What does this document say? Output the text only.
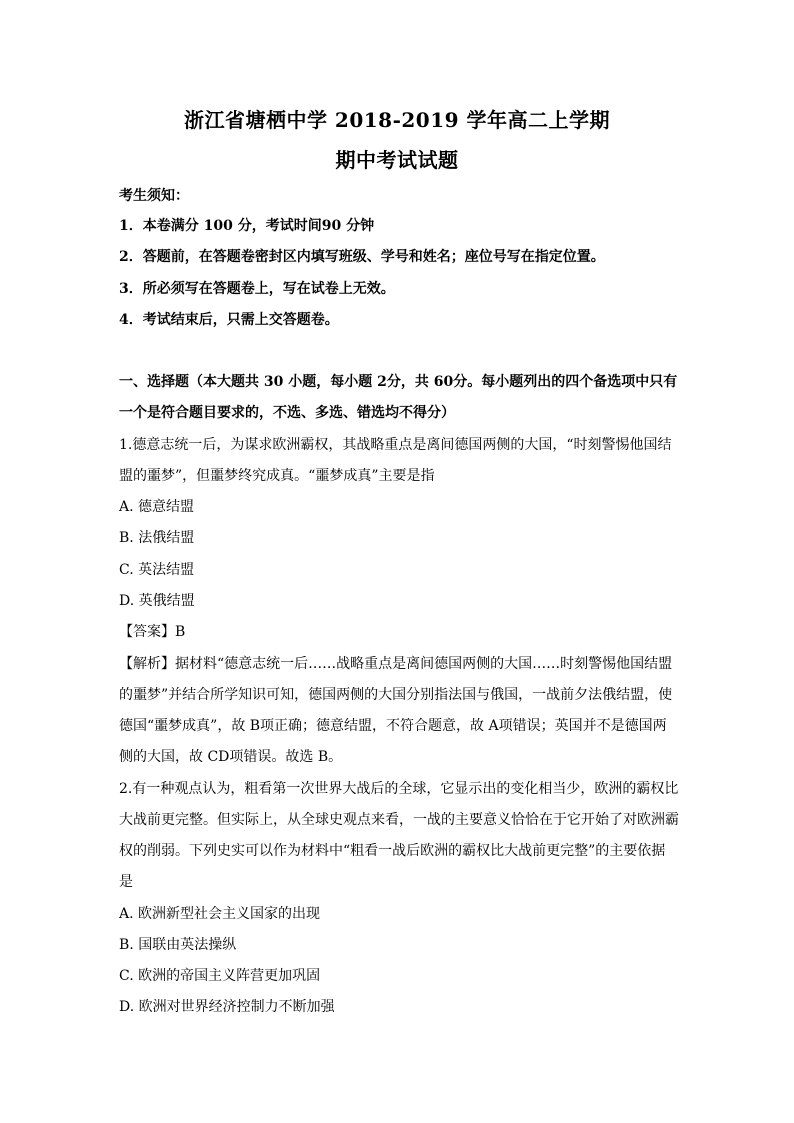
浙江省塘栖中学 2018-2019 学年高二上学期
期中考试试题
考生须知：
1．本卷满分 100 分，考试时间90 分钟
2．答题前，在答题卷密封区内填写班级、学号和姓名；座位号写在指定位置。
3．所必须写在答题卷上，写在试卷上无效。
4．考试结束后，只需上交答题卷。
一、选择题（本大题共 30 小题，每小题 2分，共 60分。每小题列出的四个备选项中只有
一个是符合题目要求的，不选、多选、错选均不得分）
1.德意志统一后，为谋求欧洲霸权，其战略重点是离间德国两侧的大国，“时刻警惕他国结
盟的噩梦”，但噩梦终究成真。“噩梦成真”主要是指
A. 德意结盟
B. 法俄结盟
C. 英法结盟
D. 英俄结盟
【答案】B
【解析】据材料“德意志统一后……战略重点是离间德国两侧的大国……时刻警惕他国结盟
的噩梦”并结合所学知识可知，德国两侧的大国分别指法国与俄国，一战前夕法俄结盟，使
德国“噩梦成真”，故 B项正确；德意结盟，不符合题意，故 A项错误；英国并不是德国两
侧的大国，故 CD项错误。故选 B。
2.有一种观点认为，粗看第一次世界大战后的全球，它显示出的变化相当少，欧洲的霸权比
大战前更完整。但实际上，从全球史观点来看，一战的主要意义恰恰在于它开始了对欧洲霸
权的削弱。下列史实可以作为材料中“粗看一战后欧洲的霸权比大战前更完整”的主要依据
是
A. 欧洲新型社会主义国家的出现
B. 国联由英法操纵
C. 欧洲的帝国主义阵营更加巩固
D. 欧洲对世界经济控制力不断加强
